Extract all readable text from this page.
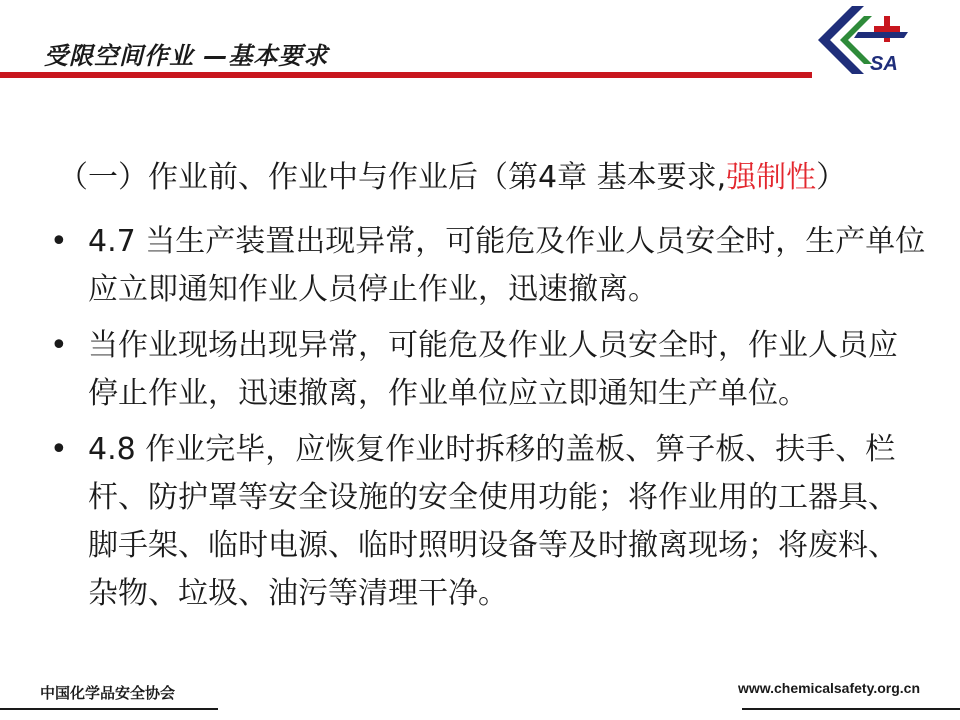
受限空间作业 —基本要求	SA
（一）作业前、作业中与作业后（第4章 基本要求,强制性）
• 4.7 当生产装置出现异常，可能危及作业人员安全时，生产单位应立即通知作业人员停止作业，迅速撤离。
• 当作业现场出现异常，可能危及作业人员安全时，作业人员应停止作业，迅速撤离，作业单位应立即通知生产单位。
• 4.8 作业完毕，应恢复作业时拆移的盖板、箅子板、扶手、栏杆、防护罩等安全设施的安全使用功能；将作业用的工器具、脚手架、临时电源、临时照明设备等及时撤离现场；将废料、杂物、垃圾、油污等清理干净。
中国化学品安全协会	www.chemicalsafety.org.cn
